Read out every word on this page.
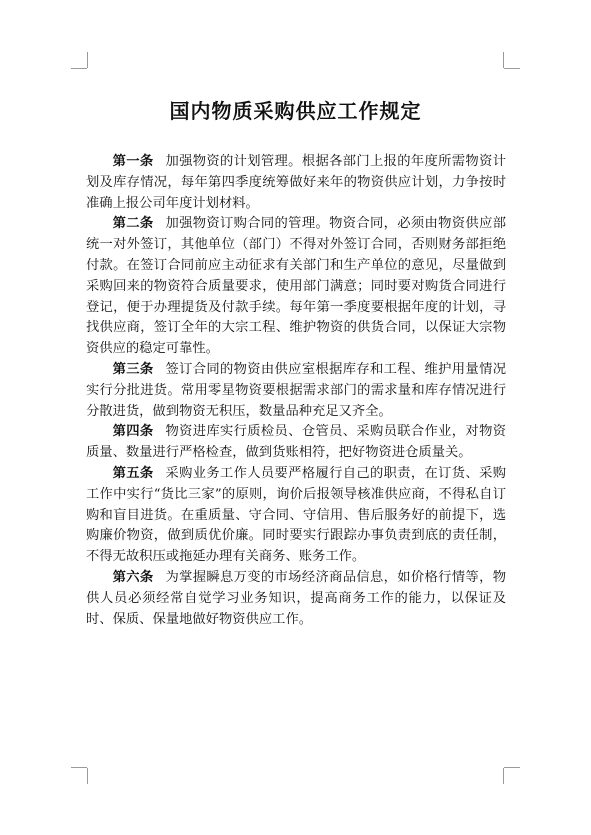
国内物质采购供应工作规定

第一条 加强物资的计划管理。根据各部门上报的年度所需物资计划及库存情况，每年第四季度统筹做好来年的物资供应计划，力争按时准确上报公司年度计划材料。

第二条 加强物资订购合同的管理。物资合同，必须由物资供应部统一对外签订，其他单位（部门）不得对外签订合同，否则财务部拒绝付款。在签订合同前应主动征求有关部门和生产单位的意见，尽量做到采购回来的物资符合质量要求，使用部门满意；同时要对购货合同进行登记，便于办理提货及付款手续。每年第一季度要根据年度的计划，寻找供应商，签订全年的大宗工程、维护物资的供货合同，以保证大宗物资供应的稳定可靠性。

第三条 签订合同的物资由供应室根据库存和工程、维护用量情况实行分批进货。常用零星物资要根据需求部门的需求量和库存情况进行分散进货，做到物资无积压，数量品种充足又齐全。

第四条 物资进库实行质检员、仓管员、采购员联合作业，对物资质量、数量进行严格检查，做到货账相符，把好物资进仓质量关。

第五条 采购业务工作人员要严格履行自己的职责，在订货、采购工作中实行“货比三家”的原则，询价后报领导核准供应商，不得私自订购和盲目进货。在重质量、守合同、守信用、售后服务好的前提下，选购廉价物资，做到质优价廉。同时要实行跟踪办事负责到底的责任制，不得无故积压或拖延办理有关商务、账务工作。

第六条 为掌握瞬息万变的市场经济商品信息，如价格行情等，物供人员必须经常自觉学习业务知识，提高商务工作的能力，以保证及时、保质、保量地做好物资供应工作。
